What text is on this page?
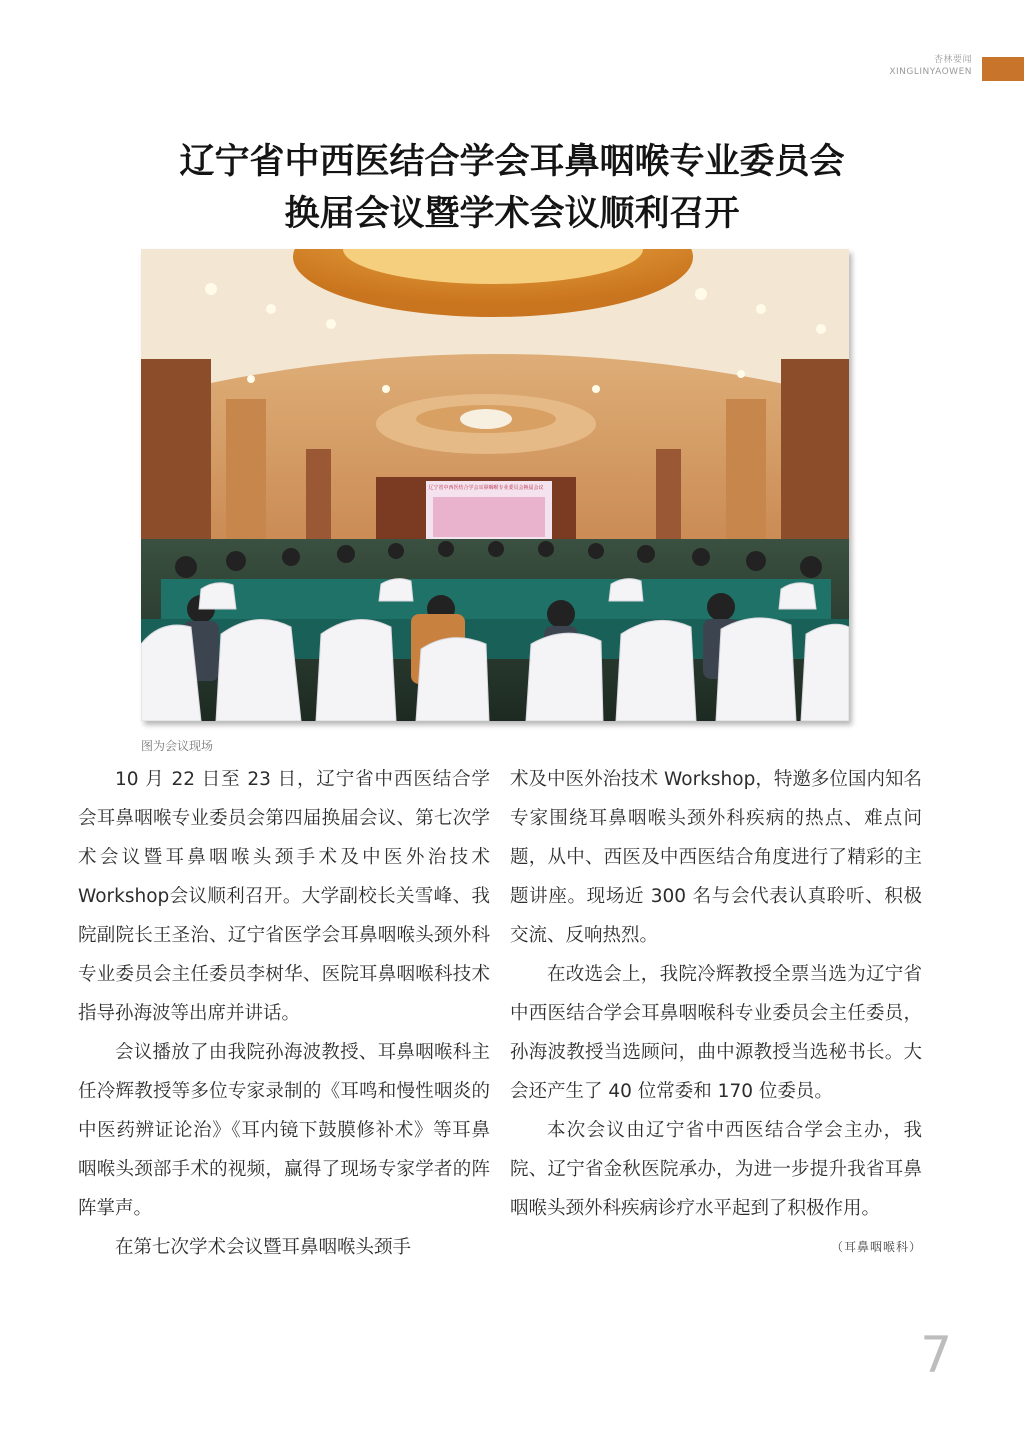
杏林要闻
XINGLINYAOWEN
辽宁省中西医结合学会耳鼻咽喉专业委员会
换届会议暨学术会议顺利召开
辽宁省中西医结合学会耳鼻咽喉专业委员会换届会议
图为会议现场

10 月 22 日至 23 日，辽宁省中西医结合学会耳鼻咽喉专业委员会第四届换届会议、第七次学术会议暨耳鼻咽喉头颈手术及中医外治技术Workshop会议顺利召开。大学副校长关雪峰、我院副院长王圣治、辽宁省医学会耳鼻咽喉头颈外科专业委员会主任委员李树华、医院耳鼻咽喉科技术指导孙海波等出席并讲话。

会议播放了由我院孙海波教授、耳鼻咽喉科主任冷辉教授等多位专家录制的《耳鸣和慢性咽炎的中医药辨证论治》《耳内镜下鼓膜修补术》等耳鼻咽喉头颈部手术的视频，赢得了现场专家学者的阵阵掌声。

在第七次学术会议暨耳鼻咽喉头颈手

术及中医外治技术 Workshop，特邀多位国内知名专家围绕耳鼻咽喉头颈外科疾病的热点、难点问题，从中、西医及中西医结合角度进行了精彩的主题讲座。现场近 300 名与会代表认真聆听、积极交流、反响热烈。

在改选会上，我院冷辉教授全票当选为辽宁省中西医结合学会耳鼻咽喉科专业委员会主任委员，孙海波教授当选顾问，曲中源教授当选秘书长。大会还产生了 40 位常委和 170 位委员。

本次会议由辽宁省中西医结合学会主办，我院、辽宁省金秋医院承办，为进一步提升我省耳鼻咽喉头颈外科疾病诊疗水平起到了积极作用。
（耳鼻咽喉科）

7
